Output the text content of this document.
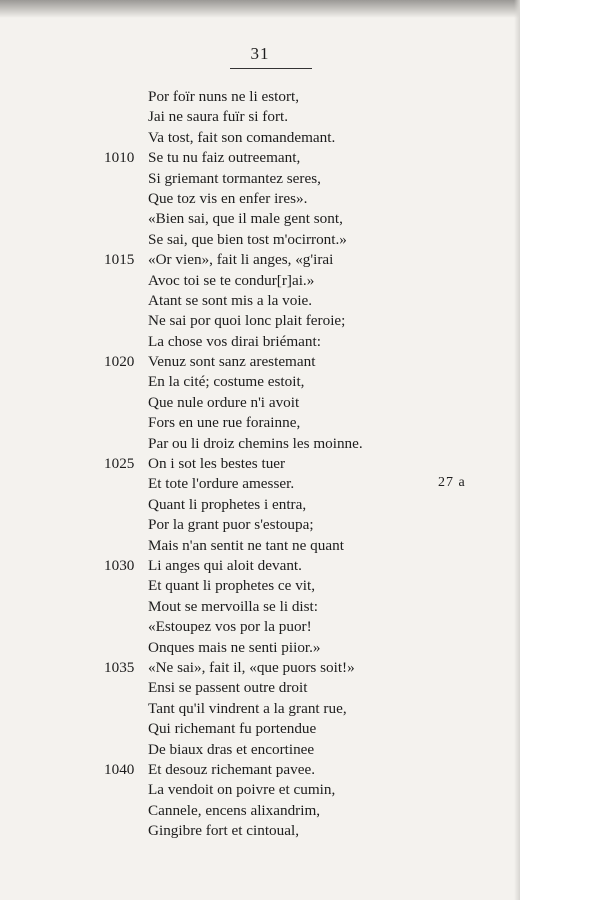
31
Por foïr nuns ne li estort,
Jai ne saura fuïr si fort.
Va tost, fait son comandemant.
1010 Se tu nu faiz outreemant,
Si griemant tormantez seres,
Que toz vis en enfer ires».
«Bien sai, que il male gent sont,
Se sai, que bien tost m'ocirront.»
1015 «Or vien», fait li anges, «g'irai
Avoc toi se te condur[r]ai.»
Atant se sont mis a la voie.
Ne sai por quoi lonc plait feroie;
La chose vos dirai briémant:
1020 Venuz sont sanz arestemant
En la cité; costume estoit,
Que nule ordure n'i avoit
Fors en une rue forainne,
Par ou li droiz chemins les moinne.
1025 On i sot les bestes tuer
Et tote l'ordure amesser.
Quant li prophetes i entra,
Por la grant puor s'estoupa;
Mais n'an sentit ne tant ne quant
1030 Li anges qui aloit devant.
Et quant li prophetes ce vit,
Mout se mervoilla se li dist:
«Estoupez vos por la puor!
Onques mais ne senti piior.»
1035 «Ne sai», fait il, «que puors soit!»
Ensi se passent outre droit
Tant qu'il vindrent a la grant rue,
Qui richemant fu portendue
De biaux dras et encortinee
1040 Et desouz richemant pavee.
La vendoit on poivre et cumin,
Cannele, encens alixandrim,
Gingibre fort et cintoual,
27 a
